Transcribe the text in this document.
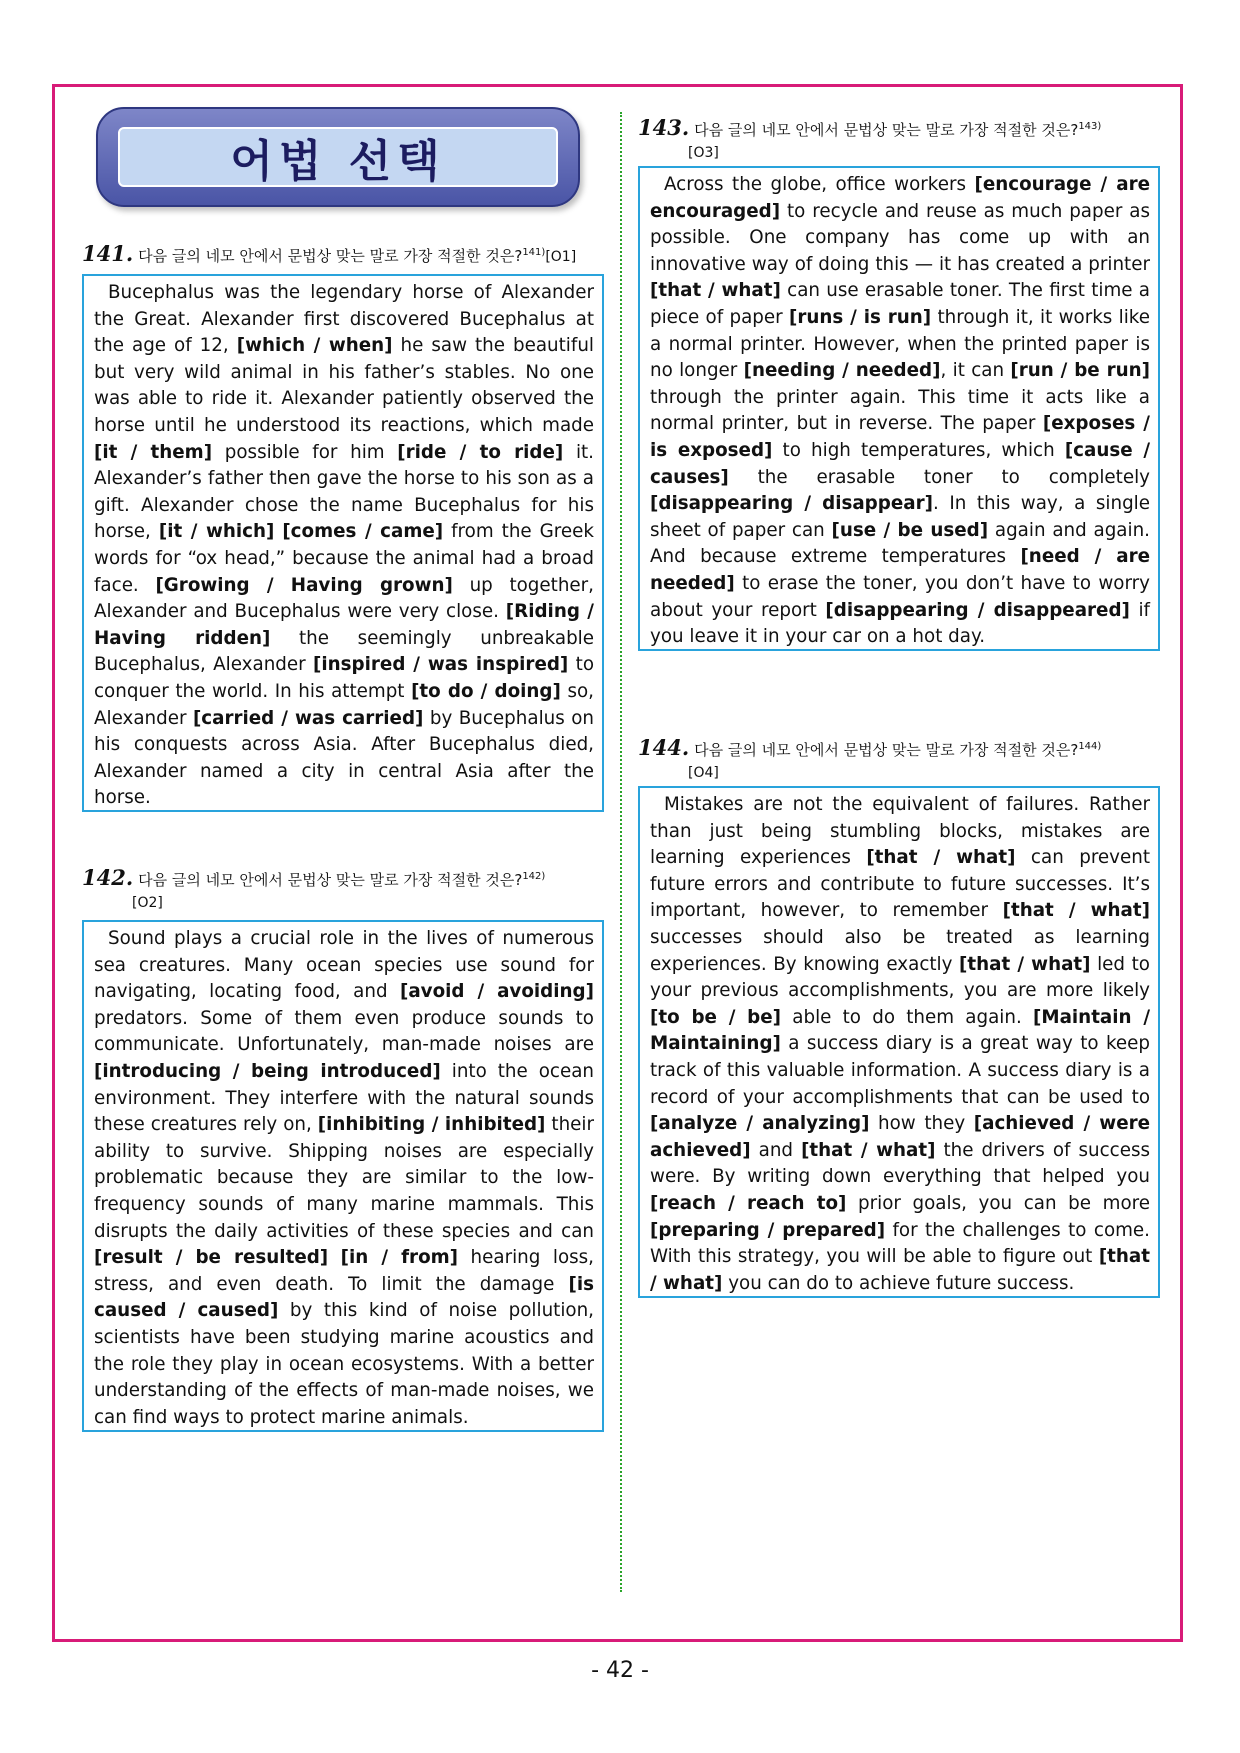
어법 선택
141. 다음 글의 네모 안에서 문법상 맞는 말로 가장 적절한 것은?$^{141)}$[O1]

Bucephalus was the legendary horse of Alexander the Great. Alexander first discovered Bucephalus at the age of 12, [which / when] he saw the beautiful but very wild animal in his father’s stables. No one was able to ride it. Alexander patiently observed the horse until he understood its reactions, which made [it / them] possible for him [ride / to ride] it. Alexander’s father then gave the horse to his son as a gift. Alexander chose the name Bucephalus for his horse, [it / which] [comes / came] from the Greek words for “ox head,” because the animal had a broad face. [Growing / Having grown] up together, Alexander and Bucephalus were very close. [Riding / Having ridden] the seemingly unbreakable Bucephalus, Alexander [inspired / was inspired] to conquer the world. In his attempt [to do / doing] so, Alexander [carried / was carried] by Bucephalus on his conquests across Asia. After Bucephalus died, Alexander named a city in central Asia after the horse.

142. 다음 글의 네모 안에서 문법상 맞는 말로 가장 적절한 것은?$^{142)}$
[O2]

Sound plays a crucial role in the lives of numerous sea creatures. Many ocean species use sound for navigating, locating food, and [avoid / avoiding] predators. Some of them even produce sounds to communicate. Unfortunately, man-made noises are [introducing / being introduced] into the ocean environment. They interfere with the natural sounds these creatures rely on, [inhibiting / inhibited] their ability to survive. Shipping noises are especially problematic because they are similar to the low-frequency sounds of many marine mammals. This disrupts the daily activities of these species and can [result / be resulted] [in / from] hearing loss, stress, and even death. To limit the damage [is caused / caused] by this kind of noise pollution, scientists have been studying marine acoustics and the role they play in ocean ecosystems. With a better understanding of the effects of man-made noises, we can find ways to protect marine animals.

143. 다음 글의 네모 안에서 문법상 맞는 말로 가장 적절한 것은?$^{143)}$
[O3]

Across the globe, office workers [encourage / are encouraged] to recycle and reuse as much paper as possible. One company has come up with an innovative way of doing this — it has created a printer [that / what] can use erasable toner. The first time a piece of paper [runs / is run] through it, it works like a normal printer. However, when the printed paper is no longer [needing / needed], it can [run / be run] through the printer again. This time it acts like a normal printer, but in reverse. The paper [exposes / is exposed] to high temperatures, which [cause / causes] the erasable toner to completely [disappearing / disappear]. In this way, a single sheet of paper can [use / be used] again and again. And because extreme temperatures [need / are needed] to erase the toner, you don’t have to worry about your report [disappearing / disappeared] if you leave it in your car on a hot day.

144. 다음 글의 네모 안에서 문법상 맞는 말로 가장 적절한 것은?$^{144)}$
[O4]

Mistakes are not the equivalent of failures. Rather than just being stumbling blocks, mistakes are learning experiences [that / what] can prevent future errors and contribute to future successes. It’s important, however, to remember [that / what] successes should also be treated as learning experiences. By knowing exactly [that / what] led to your previous accomplishments, you are more likely [to be / be] able to do them again. [Maintain / Maintaining] a success diary is a great way to keep track of this valuable information. A success diary is a record of your accomplishments that can be used to [analyze / analyzing] how they [achieved / were achieved] and [that / what] the drivers of success were. By writing down everything that helped you [reach / reach to] prior goals, you can be more [preparing / prepared] for the challenges to come. With this strategy, you will be able to figure out [that / what] you can do to achieve future success.

- 42 -
